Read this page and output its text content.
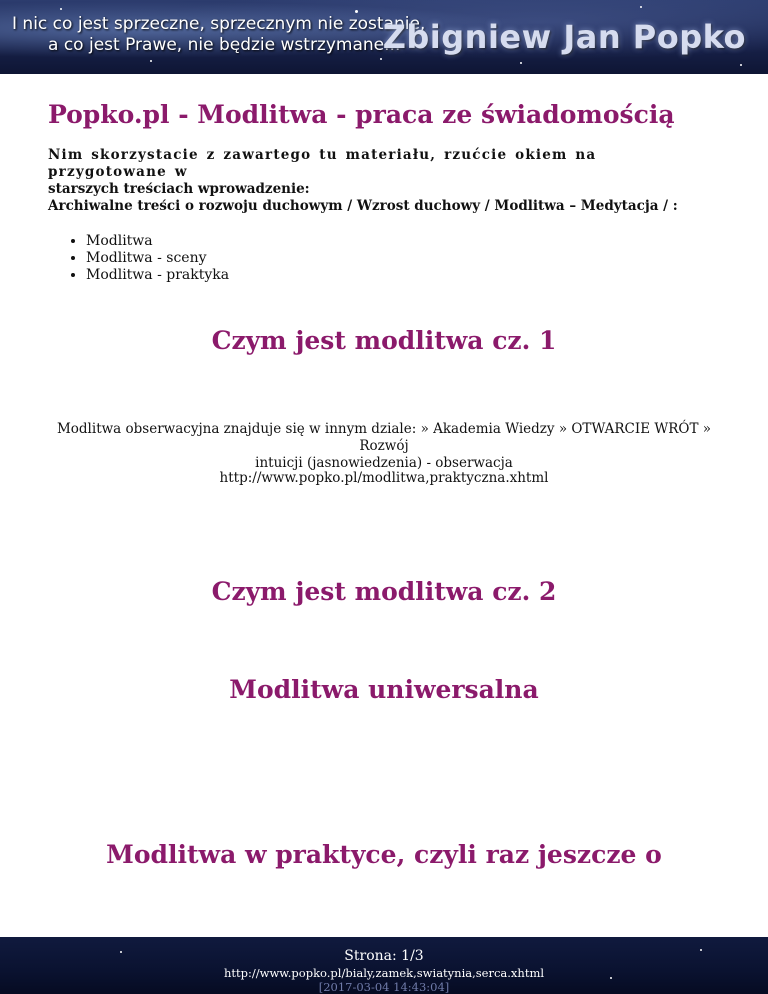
I nic co jest sprzeczne, sprzecznym nie zostanie,
a co jest Prawe, nie będzie wstrzymane...
Zbigniew Jan Popko
Popko.pl - Modlitwa - praca ze świadomością
Nim skorzystacie z zawartego tu materiału, rzućcie okiem na przygotowane w
starszych treściach wprowadzenie:
Archiwalne treści o rozwoju duchowym / Wzrost duchowy / Modlitwa – Medytacja / :
• Modlitwa
• Modlitwa - sceny
• Modlitwa - praktyka
Czym jest modlitwa cz. 1
Modlitwa obserwacyjna znajduje się w innym dziale: » Akademia Wiedzy » OTWARCIE WRÓT » Rozwój
intuicji (jasnowiedzenia) - obserwacja
http://www.popko.pl/modlitwa,praktyczna.xhtml
Czym jest modlitwa cz. 2
Modlitwa uniwersalna
Modlitwa w praktyce, czyli raz jeszcze o
Strona: 1/3
http://www.popko.pl/bialy,zamek,swiatynia,serca.xhtml
[2017-03-04 14:43:04]
